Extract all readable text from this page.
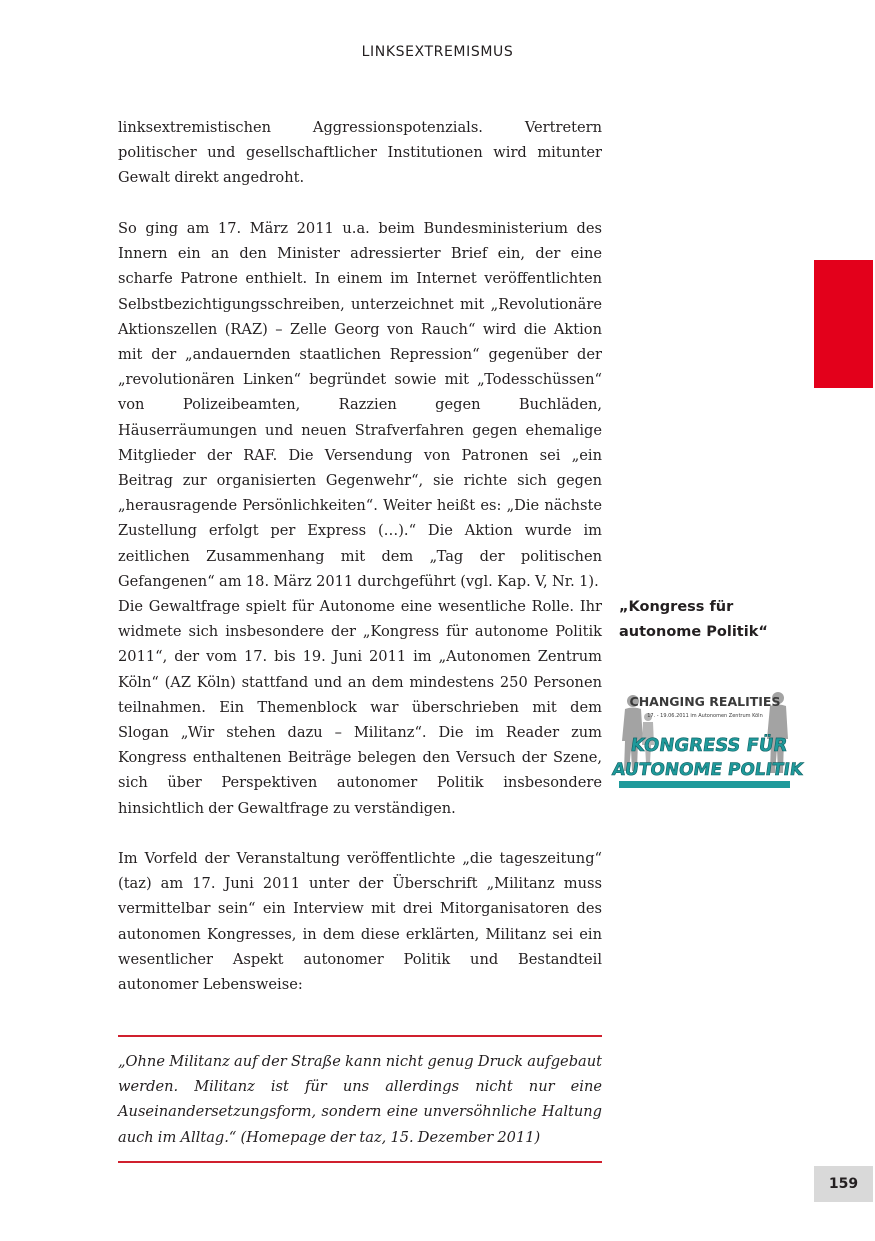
LINKSEXTREMISMUS

linksextremistischen Aggressionspotenzials. Vertretern politischer und gesellschaftlicher Institutionen wird mitunter Gewalt direkt angedroht.

So ging am 17. März 2011 u.a. beim Bundesministerium des Innern ein an den Minister adressierter Brief ein, der eine scharfe Patrone enthielt. In einem im Internet veröffentlichten Selbstbezichtigungsschreiben, unterzeichnet mit „Revolutionäre Aktionszellen (RAZ) – Zelle Georg von Rauch“ wird die Aktion mit der „andauernden staatlichen Repression“ gegenüber der „revolutionären Linken“ begründet sowie mit „Todesschüssen“ von Polizeibeamten, Razzien gegen Buchläden, Häuserräumungen und neuen Strafverfahren gegen ehemalige Mitglieder der RAF. Die Versendung von Patronen sei „ein Beitrag zur organisierten Gegenwehr“, sie richte sich gegen „herausragende Persönlichkeiten“. Weiter heißt es: „Die nächste Zustellung erfolgt per Express (…).“ Die Aktion wurde im zeitlichen Zusammenhang mit dem „Tag der politischen Gefangenen“ am 18. März 2011 durchgeführt (vgl. Kap. V, Nr. 1).

Die Gewaltfrage spielt für Autonome eine wesentliche Rolle. Ihr widmete sich insbesondere der „Kongress für autonome Politik 2011“, der vom 17. bis 19. Juni 2011 im „Autonomen Zentrum Köln“ (AZ Köln) stattfand und an dem mindestens 250 Personen teilnahmen. Ein Themenblock war überschrieben mit dem Slogan „Wir stehen dazu – Militanz“. Die im Reader zum Kongress enthaltenen Beiträge belegen den Versuch der Szene, sich über Perspektiven autonomer Politik insbesondere hinsichtlich der Gewaltfrage zu verständigen.

Im Vorfeld der Veranstaltung veröffentlichte „die tageszeitung“ (taz) am 17. Juni 2011 unter der Überschrift „Militanz muss vermittelbar sein“ ein Interview mit drei Mitorganisatoren des autonomen Kongresses, in dem diese erklärten, Militanz sei ein wesentlicher Aspekt autonomer Politik und Bestandteil autonomer Lebensweise:

„Kongress für autonome Politik“
CHANGING REALITIES
17. - 19.06.2011 im Autonomen Zentrum Köln
KONGRESS FÜR
AUTONOME POLITIK

„Ohne Militanz auf der Straße kann nicht genug Druck aufgebaut werden. Militanz ist für uns allerdings nicht nur eine Auseinandersetzungsform, sondern eine unversöhnliche Haltung auch im Alltag.“ (Homepage der taz, 15. Dezember 2011)

159
